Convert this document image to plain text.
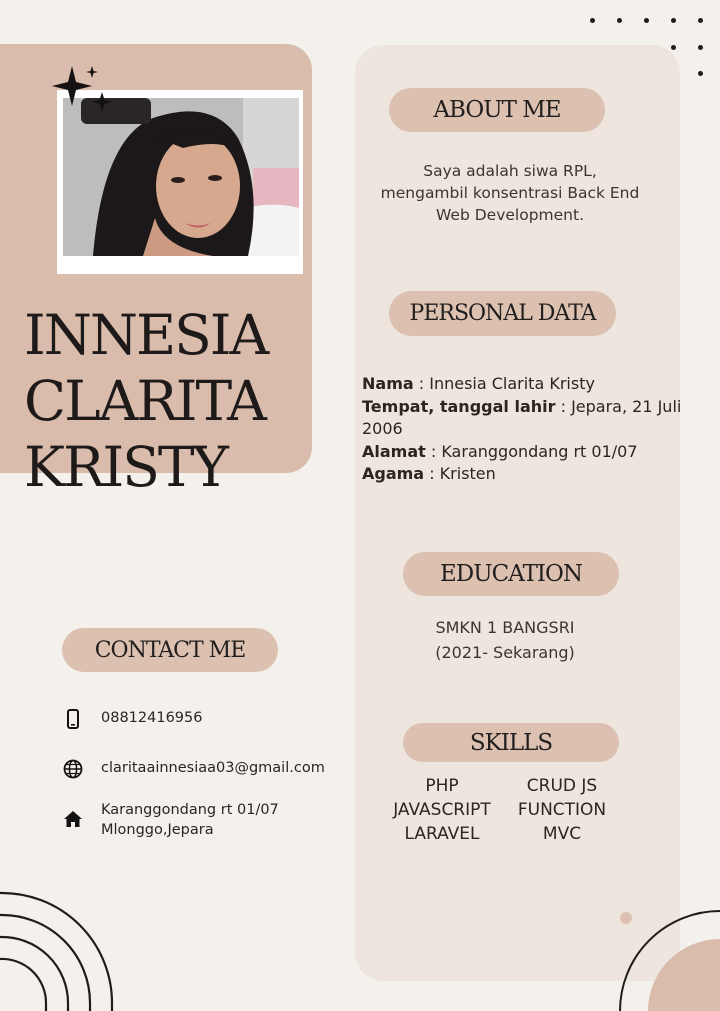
INNESIA
CLARITA
KRISTY
ABOUT ME
Saya adalah siwa RPL,
mengambil konsentrasi Back End
Web Development.
PERSONAL DATA
Nama : Innesia Clarita Kristy
Tempat, tanggal lahir : Jepara, 21 Juli 2006
Alamat : Karanggondang rt 01/07
Agama : Kristen
EDUCATION
SMKN 1 BANGSRI
(2021- Sekarang)
SKILLS
PHP	CRUD JS
JAVASCRIPT	FUNCTION
LARAVEL	MVC
CONTACT ME
08812416956
claritaainnesiaa03@gmail.com
Karanggondang rt 01/07
Mlonggo,Jepara
